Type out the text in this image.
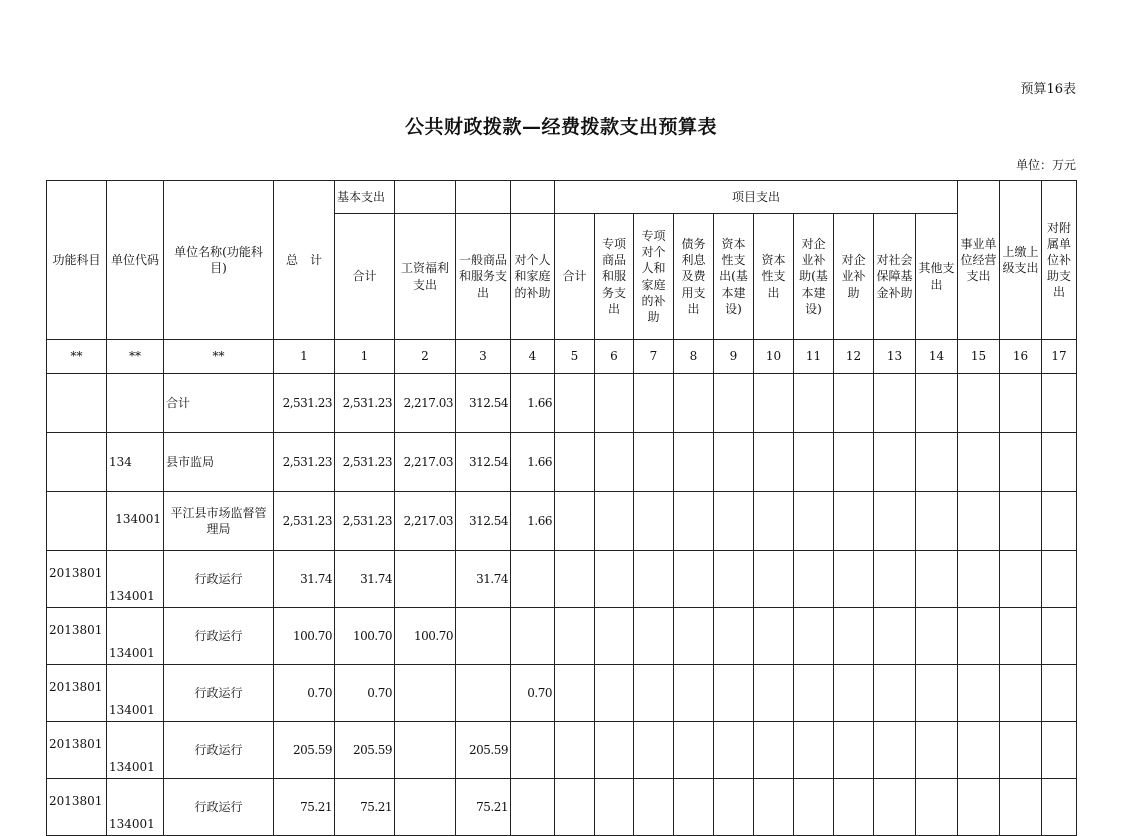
预算16表
公共财政拨款—经费拨款支出预算表
单位：万元
功能科目	单位代码	单位名称(功能科目)	总　计	基本支出				项目支出										事业单位经营支出	上缴上级支出	对附属单位补助支出
				合计	工资福利支出	一般商品和服务支出	对个人和家庭的补助	合计	专项商品和服务支出	专项对个人和家庭的补助	债务利息及费用支出	资本性支出(基本建设)	资本性支出	对企业补助(基本建设)	对企业补助	对社会保障基金补助	其他支出			
**	**	**	1	1	2	3	4	5	6	7	8	9	10	11	12	13	14	15	16	17
		合计	2,531.23	2,531.23	2,217.03	312.54	1.66													
	134	县市监局	2,531.23	2,531.23	2,217.03	312.54	1.66													
	134001	平江县市场监督管理局	2,531.23	2,531.23	2,217.03	312.54	1.66													
2013801	134001	行政运行	31.74	31.74		31.74														
2013801	134001	行政运行	100.70	100.70	100.70															
2013801	134001	行政运行	0.70	0.70			0.70													
2013801	134001	行政运行	205.59	205.59		205.59														
2013801	134001	行政运行	75.21	75.21		75.21														
